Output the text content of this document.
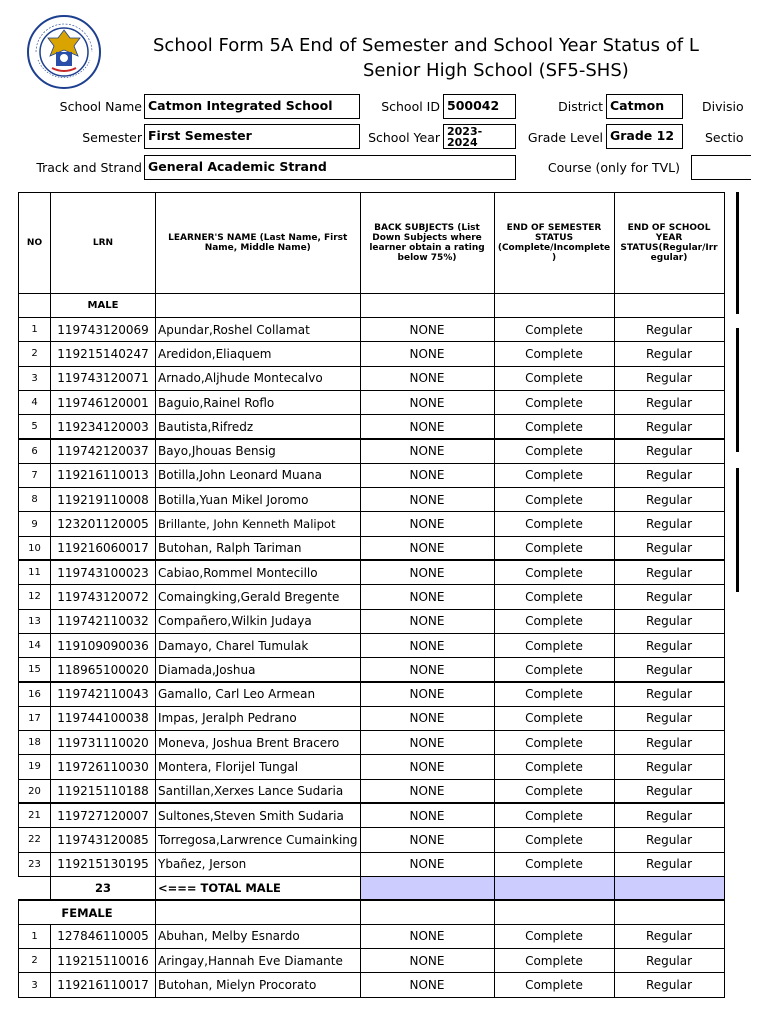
School Form 5A End of Semester and School Year Status of L
Senior High School (SF5-SHS)
School Name Catmon Integrated School	School ID 500042	District Catmon	Divisio
Semester First Semester	School Year 2023-
2024	Grade Level Grade 12	Sectio
Track and Strand General Academic Strand	Course (only for TVL)
NO	LRN	LEARNER'S NAME (Last Name, First Name, Middle Name)	BACK SUBJECTS (List Down Subjects where learner obtain a rating below 75%)	END OF SEMESTER STATUS (Complete/Incomplete )	END OF SCHOOL YEAR STATUS(Regular/Irr egular)
	MALE				
1	119743120069	Apundar,Roshel Collamat	NONE	Complete	Regular
2	119215140247	Aredidon,Eliaquem	NONE	Complete	Regular
3	119743120071	Arnado,Aljhude Montecalvo	NONE	Complete	Regular
4	119746120001	Baguio,Rainel Roflo	NONE	Complete	Regular
5	119234120003	Bautista,Rifredz	NONE	Complete	Regular
6	119742120037	Bayo,Jhouas Bensig	NONE	Complete	Regular
7	119216110013	Botilla,John Leonard Muana	NONE	Complete	Regular
8	119219110008	Botilla,Yuan Mikel Joromo	NONE	Complete	Regular
9	123201120005	Brillante, John Kenneth Malipot	NONE	Complete	Regular
10	119216060017	Butohan, Ralph Tariman	NONE	Complete	Regular
11	119743100023	Cabiao,Rommel Montecillo	NONE	Complete	Regular
12	119743120072	Comaingking,Gerald Bregente	NONE	Complete	Regular
13	119742110032	Compañero,Wilkin Judaya	NONE	Complete	Regular
14	119109090036	Damayo, Charel Tumulak	NONE	Complete	Regular
15	118965100020	Diamada,Joshua	NONE	Complete	Regular
16	119742110043	Gamallo, Carl Leo Armean	NONE	Complete	Regular
17	119744100038	Impas, Jeralph Pedrano	NONE	Complete	Regular
18	119731110020	Moneva, Joshua Brent Bracero	NONE	Complete	Regular
19	119726110030	Montera, Florijel Tungal	NONE	Complete	Regular
20	119215110188	Santillan,Xerxes Lance Sudaria	NONE	Complete	Regular
21	119727120007	Sultones,Steven Smith Sudaria	NONE	Complete	Regular
22	119743120085	Torregosa,Larwrence Cumainking	NONE	Complete	Regular
23	119215130195	Ybañez, Jerson	NONE	Complete	Regular
	23	<=== TOTAL MALE			
FEMALE					
1	127846110005	Abuhan, Melby Esnardo	NONE	Complete	Regular
2	119215110016	Aringay,Hannah Eve Diamante	NONE	Complete	Regular
3	119216110017	Butohan, Mielyn Procorato	NONE	Complete	Regular
